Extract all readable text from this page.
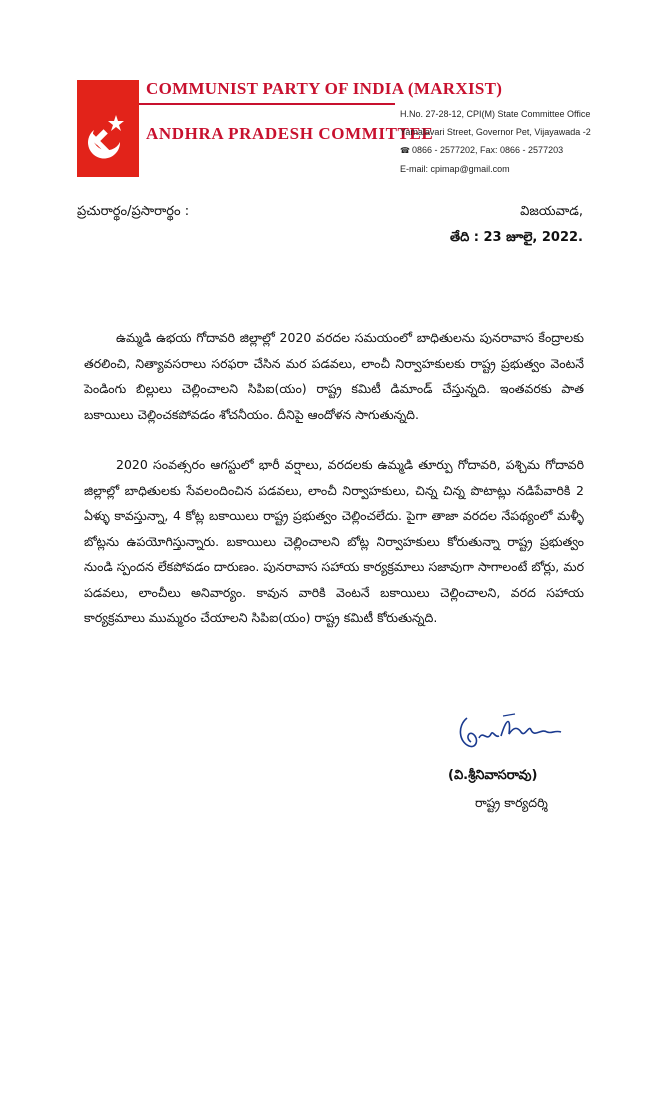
COMMUNIST PARTY OF INDIA (MARXIST)
ANDHRA PRADESH COMMITTEE
H.No. 27-28-12, CPI(M) State Committee Office
Yamalavari Street, Governor Pet, Vijayawada -2
☎ 0866 - 2577202, Fax: 0866 - 2577203
E-mail: cpimap@gmail.com
ప్రచురార్థం/ప్రసారార్థం :	విజయవాడ,
తేది : 23 జూలై, 2022.

ఉమ్మడి ఉభయ గోదావరి జిల్లాల్లో 2020 వరదల సమయంలో బాధితులను పునరావాస కేంద్రాలకు తరలించి, నిత్యావసరాలు సరఫరా చేసిన మర పడవలు, లాంచీ నిర్వాహకులకు రాష్ట్ర ప్రభుత్వం వెంటనే పెండింగు బిల్లులు చెల్లించాలని సిపిఐ(యం) రాష్ట్ర కమిటీ డిమాండ్ చేస్తున్నది. ఇంతవరకు పాత బకాయిలు చెల్లించకపోవడం శోచనీయం. దీనిపై ఆందోళన సాగుతున్నది.

2020 సంవత్సరం ఆగస్టులో భారీ వర్షాలు, వరదలకు ఉమ్మడి తూర్పు గోదావరి, పశ్చిమ గోదావరి జిల్లాల్లో బాధితులకు సేవలందించిన పడవలు, లాంచీ నిర్వాహకులు, చిన్న చిన్న పొటాట్లు నడిపేవారికి 2 ఏళ్ళు కావస్తున్నా, 4 కోట్ల బకాయిలు రాష్ట్ర ప్రభుత్వం చెల్లించలేదు. పైగా తాజా వరదల నేపథ్యంలో మళ్ళీ బోట్లను ఉపయోగిస్తున్నారు. బకాయిలు చెల్లించాలని బోట్ల నిర్వాహకులు కోరుతున్నా రాష్ట్ర ప్రభుత్వం నుండి స్పందన లేకపోవడం దారుణం. పునరావాస సహాయ కార్యక్రమాలు సజావుగా సాగాలంటే బోర్లు, మర పడవలు, లాంచీలు అనివార్యం. కావున వారికి వెంటనే బకాయిలు చెల్లించాలని, వరద సహాయ కార్యక్రమాలు ముమ్మరం చేయాలని సిపిఐ(యం) రాష్ట్ర కమిటీ కోరుతున్నది.

(వి.శ్రీనివాసరావు)
రాష్ట్ర కార్యదర్శి
